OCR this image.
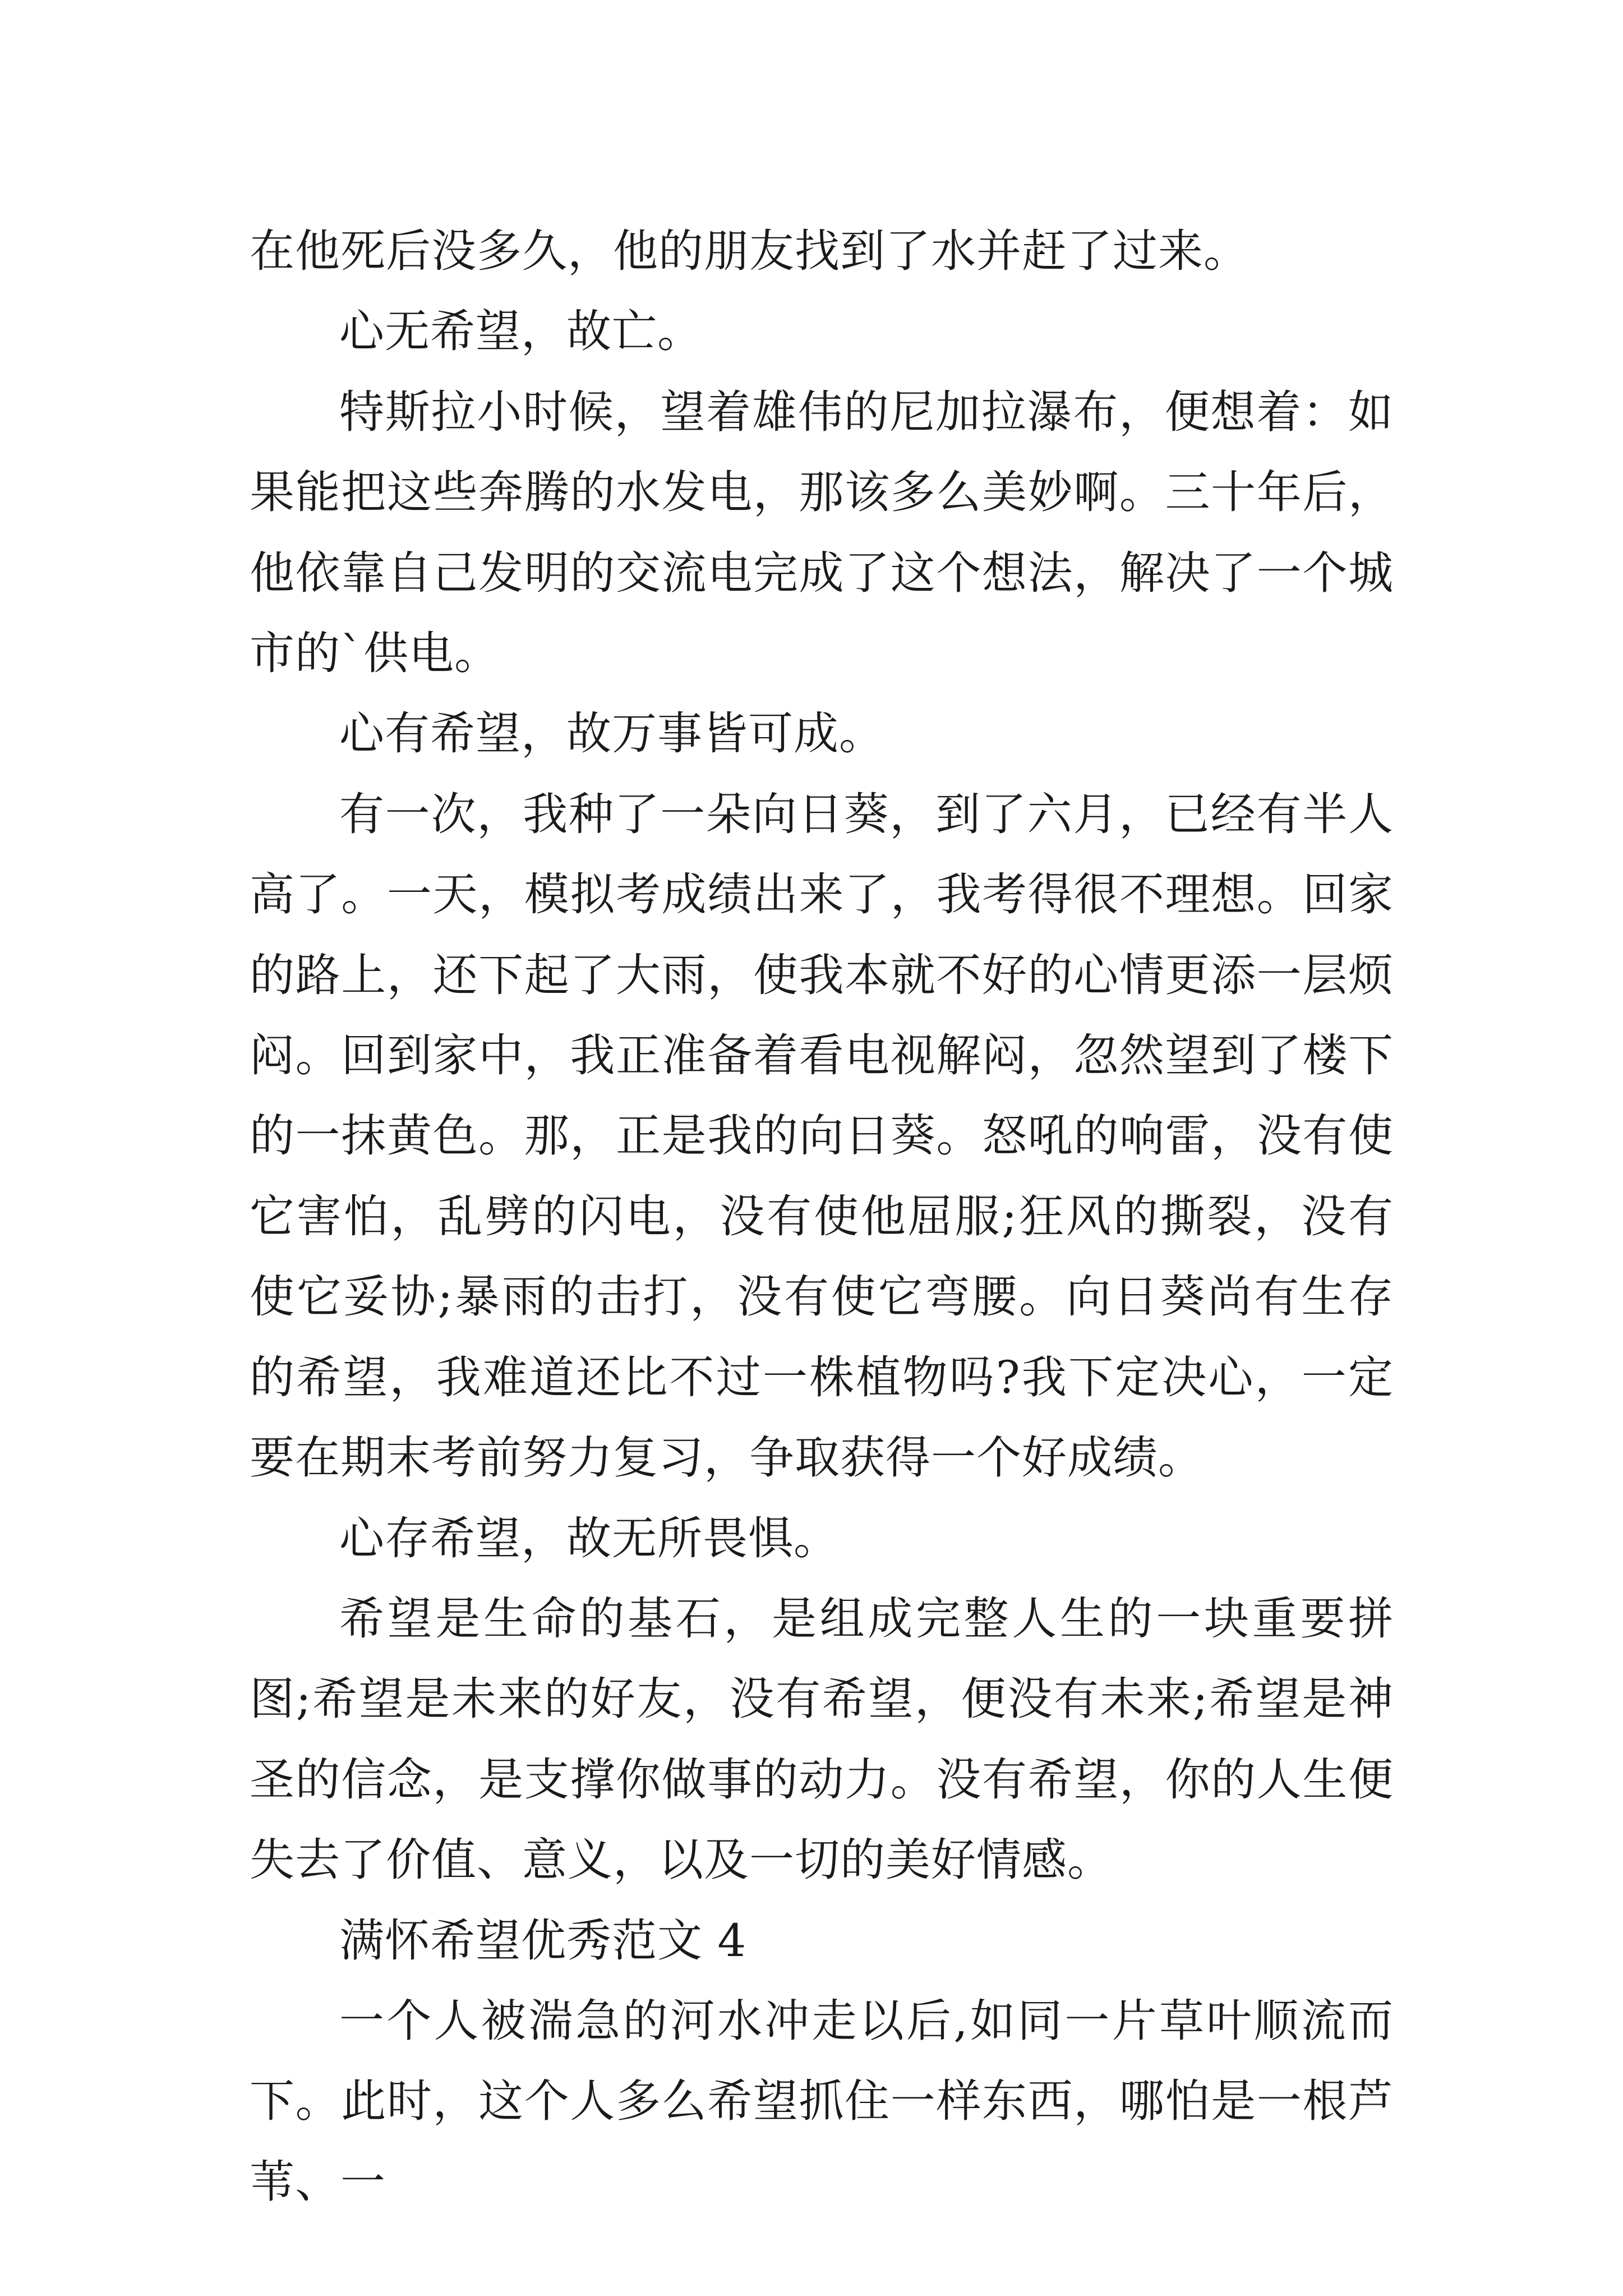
在他死后没多久，他的朋友找到了水并赶了过来。

心无希望，故亡。

特斯拉小时候，望着雄伟的尼加拉瀑布，便想着：如果能把这些奔腾的水发电，那该多么美妙啊。三十年后，他依靠自己发明的交流电完成了这个想法，解决了一个城市的`供电。

心有希望，故万事皆可成。

有一次，我种了一朵向日葵，到了六月，已经有半人高了。一天，模拟考成绩出来了，我考得很不理想。回家的路上，还下起了大雨，使我本就不好的心情更添一层烦闷。回到家中，我正准备着看电视解闷，忽然望到了楼下的一抹黄色。那，正是我的向日葵。怒吼的响雷，没有使它害怕，乱劈的闪电，没有使他屈服;狂风的撕裂，没有使它妥协;暴雨的击打，没有使它弯腰。向日葵尚有生存的希望，我难道还比不过一株植物吗?我下定决心，一定要在期末考前努力复习，争取获得一个好成绩。

心存希望，故无所畏惧。

希望是生命的基石，是组成完整人生的一块重要拼图;希望是未来的好友，没有希望，便没有未来;希望是神圣的信念，是支撑你做事的动力。没有希望，你的人生便失去了价值、意义，以及一切的美好情感。

满怀希望优秀范文 4

一个人被湍急的河水冲走以后,如同一片草叶顺流而下。此时，这个人多么希望抓住一样东西，哪怕是一根芦苇、一
